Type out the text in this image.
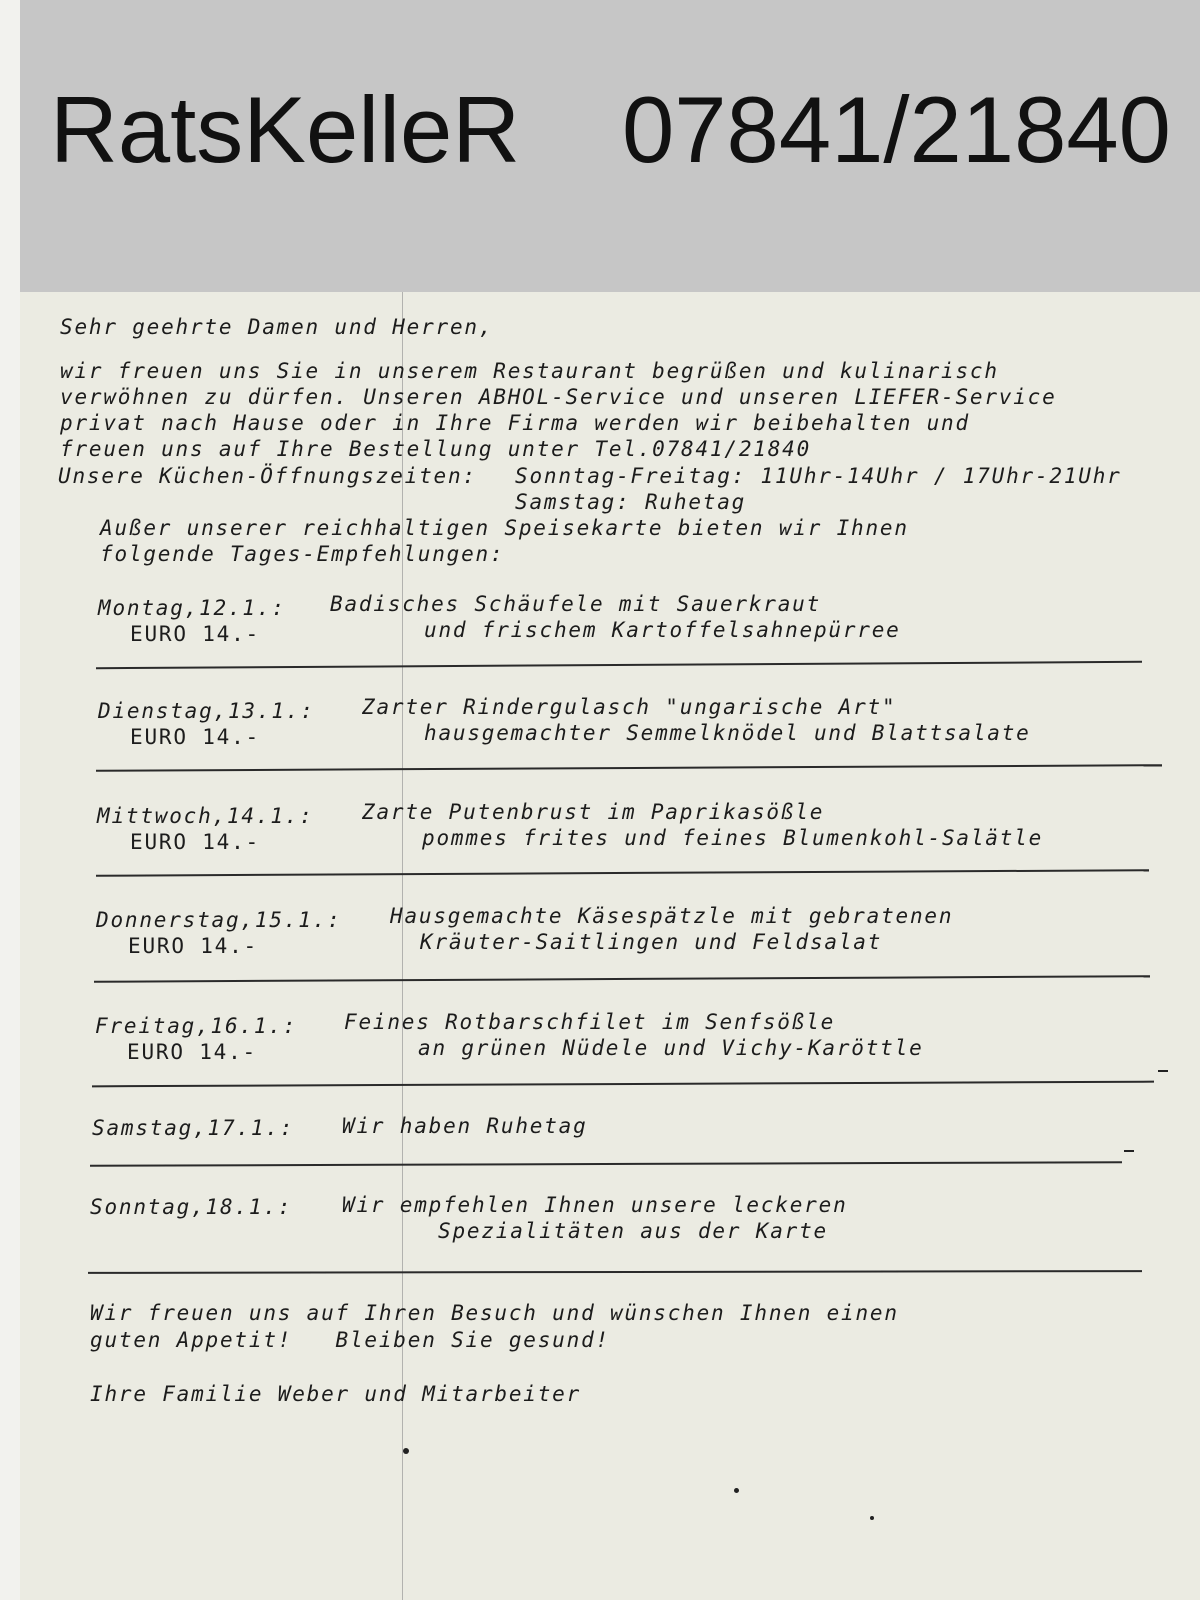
RatsKelleR 07841/21840
Sehr geehrte Damen und Herren,
wir freuen uns Sie in unserem Restaurant begrüßen und kulinarisch
verwöhnen zu dürfen. Unseren ABHOL-Service und unseren LIEFER-Service
privat nach Hause oder in Ihre Firma werden wir beibehalten und
freuen uns auf Ihre Bestellung unter Tel.07841/21840
Unsere Küchen-Öffnungszeiten: Sonntag-Freitag: 11Uhr-14Uhr / 17Uhr-21Uhr
Samstag: Ruhetag
Außer unserer reichhaltigen Speisekarte bieten wir Ihnen
folgende Tages-Empfehlungen:
Montag,12.1.: Badisches Schäufele mit Sauerkraut
EURO 14.-	und frischem Kartoffelsahnepürree
Dienstag,13.1.: Zarter Rindergulasch "ungarische Art"
EURO 14.-	hausgemachter Semmelknödel und Blattsalate
Mittwoch,14.1.: Zarte Putenbrust im Paprikasößle
EURO 14.-	pommes frites und feines Blumenkohl-Salätle
Donnerstag,15.1.: Hausgemachte Käsespätzle mit gebratenen
EURO 14.-	Kräuter-Saitlingen und Feldsalat
Freitag,16.1.: Feines Rotbarschfilet im Senfsößle
EURO 14.-	an grünen Nüdele und Vichy-Karöttle
Samstag,17.1.: Wir haben Ruhetag
Sonntag,18.1.: Wir empfehlen Ihnen unsere leckeren
Spezialitäten aus der Karte
Wir freuen uns auf Ihren Besuch und wünschen Ihnen einen
guten Appetit!   Bleiben Sie gesund!
Ihre Familie Weber und Mitarbeiter
